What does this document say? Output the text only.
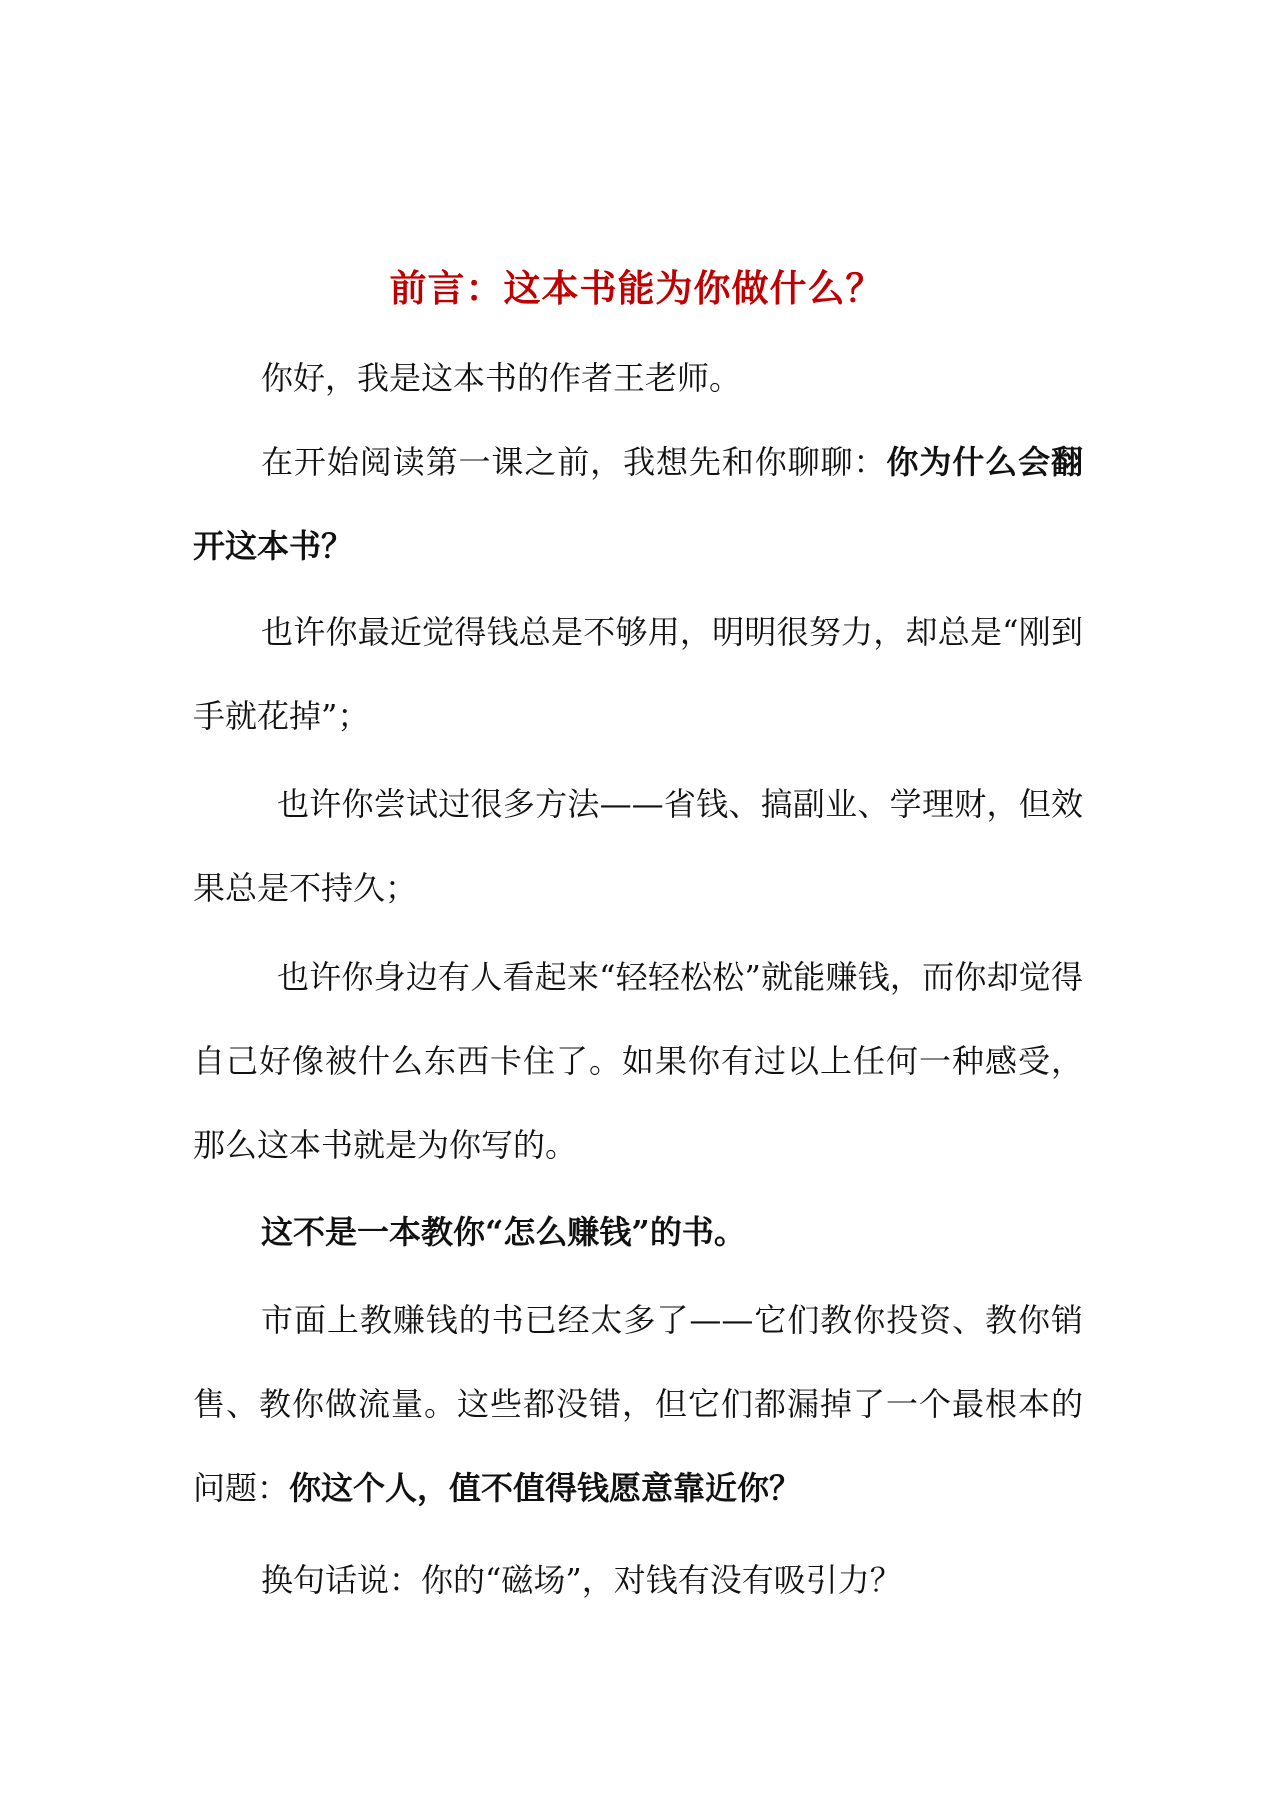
前言：这本书能为你做什么？

你好，我是这本书的作者王老师。

在开始阅读第一课之前，我想先和你聊聊：你为什么会翻开这本书？

也许你最近觉得钱总是不够用，明明很努力，却总是“刚到手就花掉”；

也许你尝试过很多方法——省钱、搞副业、学理财，但效果总是不持久；

也许你身边有人看起来“轻轻松松”就能赚钱，而你却觉得自己好像被什么东西卡住了。如果你有过以上任何一种感受，那么这本书就是为你写的。

这不是一本教你“怎么赚钱”的书。

市面上教赚钱的书已经太多了——它们教你投资、教你销售、教你做流量。这些都没错，但它们都漏掉了一个最根本的问题：你这个人，值不值得钱愿意靠近你？

换句话说：你的“磁场”，对钱有没有吸引力？
